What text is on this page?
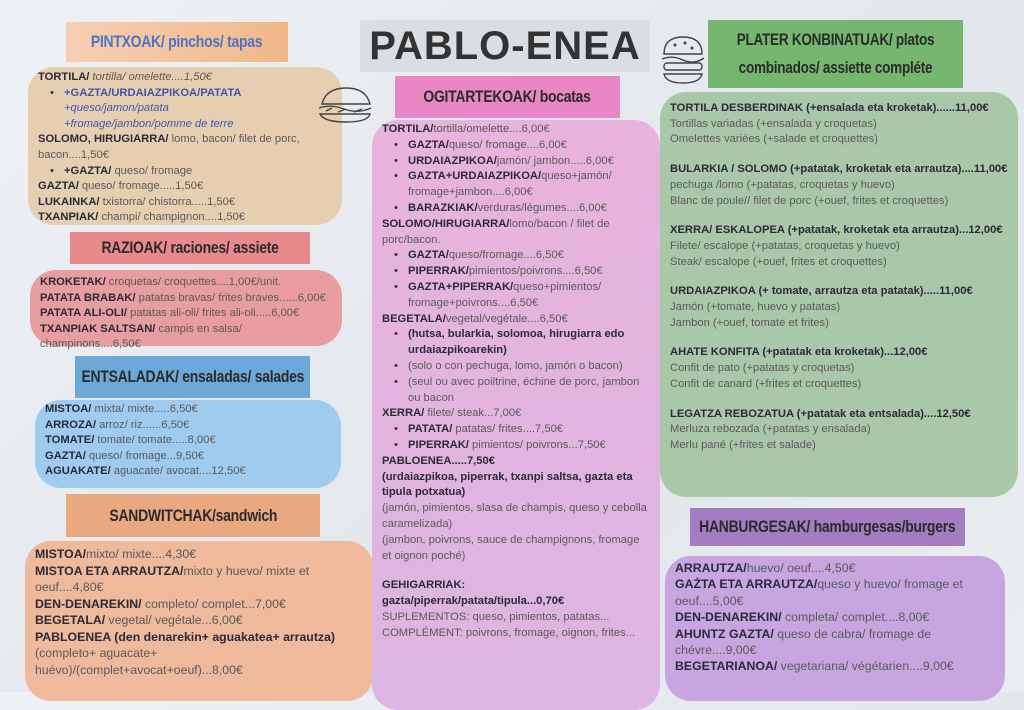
PABLO-ENEA
PINTXOAK/ pinchos/ tapas
TORTILA/ tortilla/ omelette....1,50€
• +GAZTA/URDAIAZPIKOA/PATATA
+queso/jamon/patata
+fromage/jambon/pomme de terre
SOLOMO, HIRUGIARRA/ lomo, bacon/ filet de porc, bacon....1,50€
• +GAZTA/ queso/ fromage
GAZTA/ queso/ fromage.....1,50€
LUKAINKA/ txistorra/ chistorra.....1,50€
TXANPIAK/ champi/ champignon....1,50€
RAZIOAK/ raciones/ assiete
KROKETAK/ croquetas/ croquettes....1,00€/unit.
PATATA BRABAK/ patatas bravas/ frites braves......6,00€
PATATA ALI-OLI/ patatas ali-oli/ frites ali-oli.....6,00€
TXANPIAK SALTSAN/ campis en salsa/ champinons....6,50€
ENTSALADAK/ ensaladas/ salades
MISTOA/ mixta/ mixte.....6,50€
ARROZA/ arroz/ riz......6,50€
TOMATE/ tomate/ tomate.....8,00€
GAZTA/ queso/ fromage...9,50€
AGUAKATE/ aguacate/ avocat....12,50€
SANDWITCHAK/sandwich
MISTOA/mixto/ mixte....4,30€
MISTOA ETA ARRAUTZA/mixto y huevo/ mixte et oeuf....4,80€
DEN-DENAREKIN/ completo/ complet...7,00€
BEGETALA/ vegetal/ vegétale...6,00€
PABLOENEA (den denarekin+ aguakatea+ arrautza) (completo+ aguacate+ huévo)/(complet+avocat+oeuf)...8,00€
OGITARTEKOAK/ bocatas
TORTILA/tortilla/omelette....6,00€
• GAZTA/queso/ fromage....6,00€
• URDAIAZPIKOA/jamón/ jambon.....6,00€
• GAZTA+URDAIAZPIKOA/queso+jamón/ fromage+jambon....6,00€
• BARAZKIAK/verduras/légumes....6,00€
SOLOMO/HIRUGIARRA/lomo/bacon / filet de porc/bacon.
• GAZTA/queso/fromage....6,50€
• PIPERRAK/pimientos/poivrons....6,50€
• GAZTA+PIPERRAK/queso+pimientos/ fromage+poivrons....6,50€
BEGETALA/vegetal/vegétale....6,50€
• (hutsa, bularkia, solomoa, hirugiarra edo urdaiazpikoarekin)
• (solo o con pechuga, lomo, jamón o bacon)
• (seul ou avec poiltrine, échine de porc, jambon ou bacon
XERRA/ filete/ steak...7,00€
• PATATA/ patatas/ frites....7,50€
• PIPERRAK/ pimientos/ poivrons...7,50€
PABLOENEA.....7,50€
(urdaiazpikoa, piperrak, txanpi saltsa, gazta eta tipula potxatua)
(jamón, pimientos, slasa de champis, queso y cebolla caramelizada)
(jambon, poivrons, sauce de champignons, fromage et oignon poché)
GEHIGARRIAK:
gazta/piperrak/patata/tipula...0,70€
SUPLEMENTOS: queso, pimientos, patatas...
COMPLÉMENT: poivrons, fromage, oignon, frites...
PLATER KONBINATUAK/ platos combinados/ assiette compléte
TORTILA DESBERDINAK (+ensalada eta kroketak)......11,00€
Tortillas variadas (+ensalada y croquetas)
Omelettes variées (+salade et croquettes)
BULARKIA / SOLOMO (+patatak, kroketak eta arrautza)....11,00€
pechuga /lomo (+patatas, croquetas y huevo)
Blanc de poule// filet de porc (+ouef, frites et croquettes)
XERRA/ ESKALOPEA (+patatak, kroketak eta arrautza)...12,00€
Filete/ escalope (+patatas, croquetas y huevo)
Steak/ escalope (+ouef, frites et croquettes)
URDAIAZPIKOA (+ tomate, arrautza eta patatak).....11,00€
Jamón (+tomate, huevo y patatas)
Jambon (+ouef, tomate et frites)
AHATE KONFITA (+patatak eta kroketak)...12,00€
Confit de pato (+patatas y croquetas)
Confit de canard (+frites et croquettes)
LEGATZA REBOZATUA (+patatak eta entsalada)....12,50€
Merluza rebozada (+patatas y ensalada)
Merlu pané (+frites et salade)
HANBURGESAK/ hamburgesas/burgers
ARRAUTZA/huevo/ oeuf....4,50€
GAŻTA ETA ARRAUTZA/queso y huevo/ fromage et oeuf....5,00€
DEN-DENAREKIN/ completa/ complet....8,00€
AHUNTZ GAZTA/ queso de cabra/ fromage de chévre....9,00€
BEGETARIANOA/ vegetariana/ végétarien....9,00€
